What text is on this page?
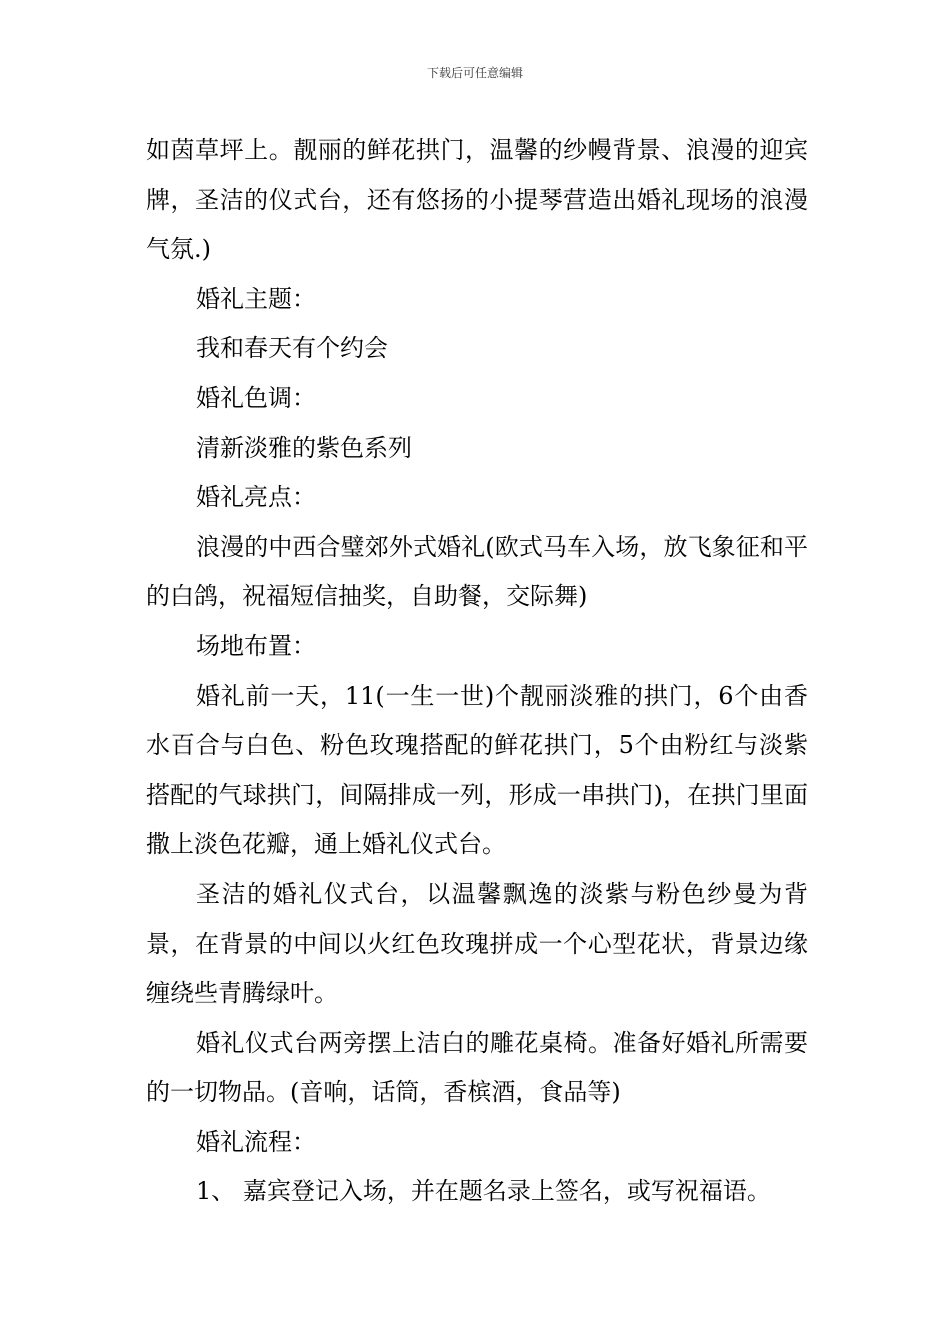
下载后可任意编辑

如茵草坪上。靓丽的鲜花拱门，温馨的纱幔背景、浪漫的迎宾牌，圣洁的仪式台，还有悠扬的小提琴营造出婚礼现场的浪漫气氛.)

婚礼主题：

我和春天有个约会

婚礼色调：

清新淡雅的紫色系列

婚礼亮点：

浪漫的中西合璧郊外式婚礼(欧式马车入场，放飞象征和平的白鸽，祝福短信抽奖，自助餐，交际舞)

场地布置：

婚礼前一天，11(一生一世)个靓丽淡雅的拱门，6个由香水百合与白色、粉色玫瑰搭配的鲜花拱门，5个由粉红与淡紫搭配的气球拱门，间隔排成一列，形成一串拱门)，在拱门里面撒上淡色花瓣，通上婚礼仪式台。

圣洁的婚礼仪式台，以温馨飘逸的淡紫与粉色纱曼为背景，在背景的中间以火红色玫瑰拼成一个心型花状，背景边缘缠绕些青腾绿叶。

婚礼仪式台两旁摆上洁白的雕花桌椅。准备好婚礼所需要的一切物品。(音响，话筒，香槟酒，食品等)

婚礼流程：

1、 嘉宾登记入场，并在题名录上签名，或写祝福语。
